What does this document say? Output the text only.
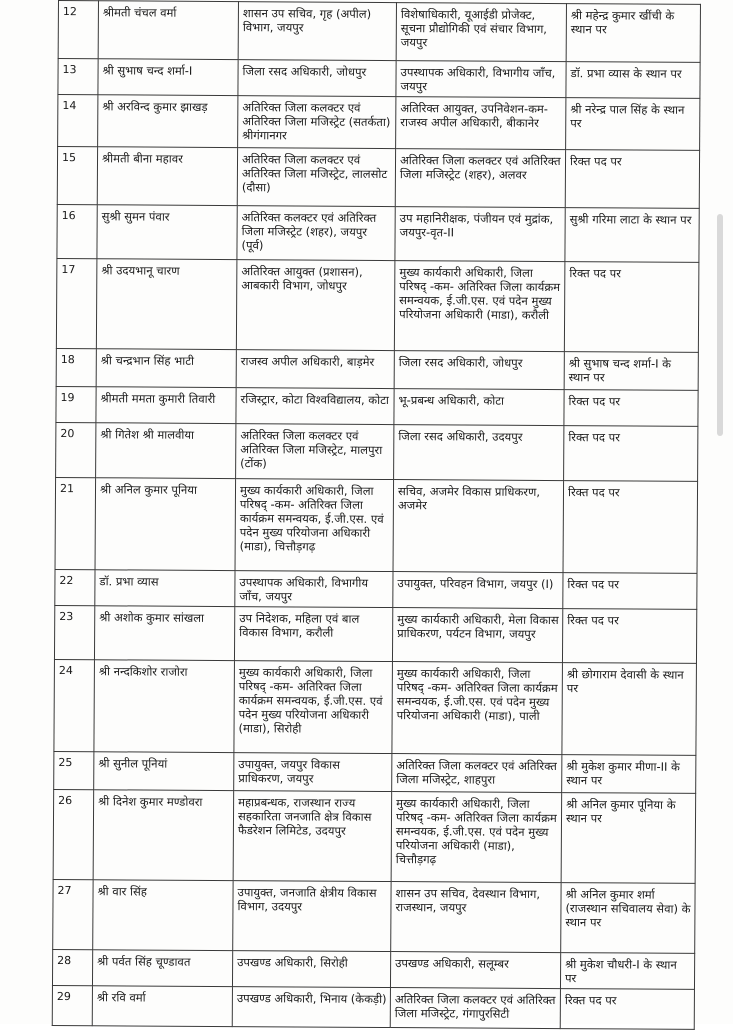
12	श्रीमती चंचल वर्मा	शासन उप सचिव, गृह (अपील) विभाग, जयपुर	विशेषाधिकारी, यूआईडी प्रोजेक्ट, सूचना प्रौद्योगिकी एवं संचार विभाग, जयपुर	श्री महेन्द्र कुमार खींची के स्थान पर
13	श्री सुभाष चन्द शर्मा-I	जिला रसद अधिकारी, जोधपुर	उपस्थापक अधिकारी, विभागीय जाँच, जयपुर	डॉ. प्रभा व्यास के स्थान पर
14	श्री अरविन्द कुमार झाखड़	अतिरिक्त जिला कलक्टर एवं अतिरिक्त जिला मजिस्ट्रेट (सतर्कता) श्रीगंगानगर	अतिरिक्त आयुक्त, उपनिवेशन-कम-राजस्व अपील अधिकारी, बीकानेर	श्री नरेन्द्र पाल सिंह के स्थान पर
15	श्रीमती बीना महावर	अतिरिक्त जिला कलक्टर एवं अतिरिक्त जिला मजिस्ट्रेट, लालसोट (दौसा)	अतिरिक्त जिला कलक्टर एवं अतिरिक्त जिला मजिस्ट्रेट (शहर), अलवर	रिक्त पद पर
16	सुश्री सुमन पंवार	अतिरिक्त कलक्टर एवं अतिरिक्त जिला मजिस्ट्रेट (शहर), जयपुर (पूर्व)	उप महानिरीक्षक, पंजीयन एवं मुद्रांक, जयपुर-वृत-II	सुश्री गरिमा लाटा के स्थान पर
17	श्री उदयभानू चारण	अतिरिक्त आयुक्त (प्रशासन), आबकारी विभाग, जोधपुर	मुख्य कार्यकारी अधिकारी, जिला परिषद् -कम- अतिरिक्त जिला कार्यक्रम समन्वयक, ई.जी.एस. एवं पदेन मुख्य परियोजना अधिकारी (माडा), करौली	रिक्त पद पर
18	श्री चन्द्रभान सिंह भाटी	राजस्व अपील अधिकारी, बाड़मेर	जिला रसद अधिकारी, जोधपुर	श्री सुभाष चन्द शर्मा-I के स्थान पर
19	श्रीमती ममता कुमारी तिवारी	रजिस्ट्रार, कोटा विश्वविद्यालय, कोटा	भू-प्रबन्ध अधिकारी, कोटा	रिक्त पद पर
20	श्री गितेश श्री मालवीया	अतिरिक्त जिला कलक्टर एवं अतिरिक्त जिला मजिस्ट्रेट, मालपुरा (टोंक)	जिला रसद अधिकारी, उदयपुर	रिक्त पद पर
21	श्री अनिल कुमार पूनिया	मुख्य कार्यकारी अधिकारी, जिला परिषद् -कम- अतिरिक्त जिला कार्यक्रम समन्वयक, ई.जी.एस. एवं पदेन मुख्य परियोजना अधिकारी (माडा), चित्तौड़गढ़	सचिव, अजमेर विकास प्राधिकरण, अजमेर	रिक्त पद पर
22	डॉ. प्रभा व्यास	उपस्थापक अधिकारी, विभागीय जाँच, जयपुर	उपायुक्त, परिवहन विभाग, जयपुर (I)	रिक्त पद पर
23	श्री अशोक कुमार सांखला	उप निदेशक, महिला एवं बाल विकास विभाग, करौली	मुख्य कार्यकारी अधिकारी, मेला विकास प्राधिकरण, पर्यटन विभाग, जयपुर	रिक्त पद पर
24	श्री नन्दकिशोर राजोरा	मुख्य कार्यकारी अधिकारी, जिला परिषद् -कम- अतिरिक्त जिला कार्यक्रम समन्वयक, ई.जी.एस. एवं पदेन मुख्य परियोजना अधिकारी (माडा), सिरोही	मुख्य कार्यकारी अधिकारी, जिला परिषद् -कम- अतिरिक्त जिला कार्यक्रम समन्वयक, ई.जी.एस. एवं पदेन मुख्य परियोजना अधिकारी (माडा), पाली	श्री छोगाराम देवासी के स्थान पर
25	श्री सुनील पूनियां	उपायुक्त, जयपुर विकास प्राधिकरण, जयपुर	अतिरिक्त जिला कलक्टर एवं अतिरिक्त जिला मजिस्ट्रेट, शाहपुरा	श्री मुकेश कुमार मीणा-II के स्थान पर
26	श्री दिनेश कुमार मण्डोवरा	महाप्रबन्धक, राजस्थान राज्य सहकारिता जनजाति क्षेत्र विकास फैडरेशन लिमिटेड, उदयपुर	मुख्य कार्यकारी अधिकारी, जिला परिषद् -कम- अतिरिक्त जिला कार्यक्रम समन्वयक, ई.जी.एस. एवं पदेन मुख्य परियोजना अधिकारी (माडा), चित्तौड़गढ़	श्री अनिल कुमार पूनिया के स्थान पर
27	श्री वार सिंह	उपायुक्त, जनजाति क्षेत्रीय विकास विभाग, उदयपुर	शासन उप सचिव, देवस्थान विभाग, राजस्थान, जयपुर	श्री अनिल कुमार शर्मा (राजस्थान सचिवालय सेवा) के स्थान पर
28	श्री पर्वत सिंह चूण्डावत	उपखण्ड अधिकारी, सिरोही	उपखण्ड अधिकारी, सलूम्बर	श्री मुकेश चौधरी-I के स्थान पर
29	श्री रवि वर्मा	उपखण्ड अधिकारी, भिनाय (केकड़ी)	अतिरिक्त जिला कलक्टर एवं अतिरिक्त जिला मजिस्ट्रेट, गंगापुरसिटी	रिक्त पद पर
